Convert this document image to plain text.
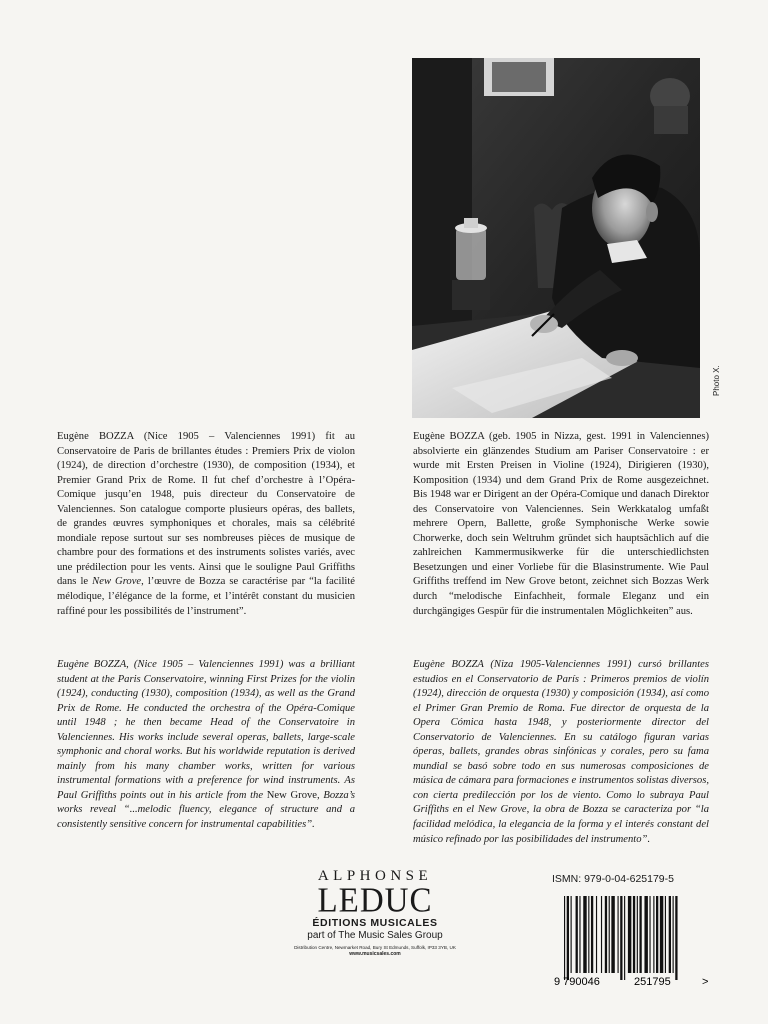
Photo X.

Eugène BOZZA (Nice 1905 – Valenciennes 1991) fit au Conservatoire de Paris de brillantes études : Premiers Prix de violon (1924), de direction d’orchestre (1930), de composition (1934), et Premier Grand Prix de Rome. Il fut chef d’orchestre à l’Opéra-Comique jusqu’en 1948, puis directeur du Conservatoire de Valenciennes. Son catalogue comporte plusieurs opéras, des ballets, de grandes œuvres symphoniques et chorales, mais sa célébrité mondiale repose surtout sur ses nombreuses pièces de musique de chambre pour des formations et des instruments solistes variés, avec une prédilection pour les vents. Ainsi que le souligne Paul Griffiths dans le New Grove, l’œuvre de Bozza se caractérise par “la facilité mélodique, l’élégance de la forme, et l’intérêt constant du musicien raffiné pour les possibilités de l’instrument”.

Eugène BOZZA (geb. 1905 in Nizza, gest. 1991 in Valenciennes) absolvierte ein glänzendes Studium am Pariser Conservatoire : er wurde mit Ersten Preisen in Violine (1924), Dirigieren (1930), Komposition (1934) und dem Grand Prix de Rome ausgezeichnet. Bis 1948 war er Dirigent an der Opéra-Comique und danach Direktor des Conservatoire von Valenciennes. Sein Werkkatalog umfaßt mehrere Opern, Ballette, große Symphonische Werke sowie Chorwerke, doch sein Weltruhm gründet sich hauptsächlich auf die zahlreichen Kammermusikwerke für die unterschiedlichsten Besetzungen und einer Vorliebe für die Blasinstrumente. Wie Paul Griffiths treffend im New Grove betont, zeichnet sich Bozzas Werk durch “melodische Einfachheit, formale Eleganz und ein durchgängiges Gespür für die instrumentalen Möglichkeiten” aus.

Eugène BOZZA, (Nice 1905 – Valenciennes 1991) was a brilliant student at the Paris Conservatoire, winning First Prizes for the violin (1924), conducting (1930), composition (1934), as well as the Grand Prix de Rome. He conducted the orchestra of the Opéra-Comique until 1948 ; he then became Head of the Conservatoire in Valenciennes. His works include several operas, ballets, large-scale symphonic and choral works. But his worldwide reputation is derived mainly from his many chamber works, written for various instrumental formations with a preference for wind instruments. As Paul Griffiths points out in his article from the New Grove, Bozza’s works reveal “...melodic fluency, elegance of structure and a consistently sensitive concern for instrumental capabilities”.

Eugène BOZZA (Niza 1905-Valenciennes 1991) cursó brillantes estudios en el Conservatorio de París : Primeros premios de violín (1924), dirección de orquesta (1930) y composición (1934), así como el Primer Gran Premio de Roma. Fue director de orquesta de la Opera Cómica hasta 1948, y posteriormente director del Conservatorio de Valenciennes. En su catálogo figuran varias óperas, ballets, grandes obras sinfónicas y corales, pero su fama mundial se basó sobre todo en sus numerosas composiciones de música de cámara para formaciones e instrumentos solistas diversos, con cierta predilección por los de viento. Como lo subraya Paul Griffiths en el New Grove, la obra de Bozza se caracteriza por “la facilidad melódica, la elegancia de la forma y el interés constant del músico refinado por las posibilidades del instrumento”.

ALPHONSE
LEDUC
ÉDITIONS MUSICALES
part of The Music Sales Group
Distribution Centre, Newmarket Road, Bury St Edmunds, Suffolk, IP33 3YB, UK
www.musicsales.com
ISMN: 979-0-04-625179-5
9 790046	251795	>
